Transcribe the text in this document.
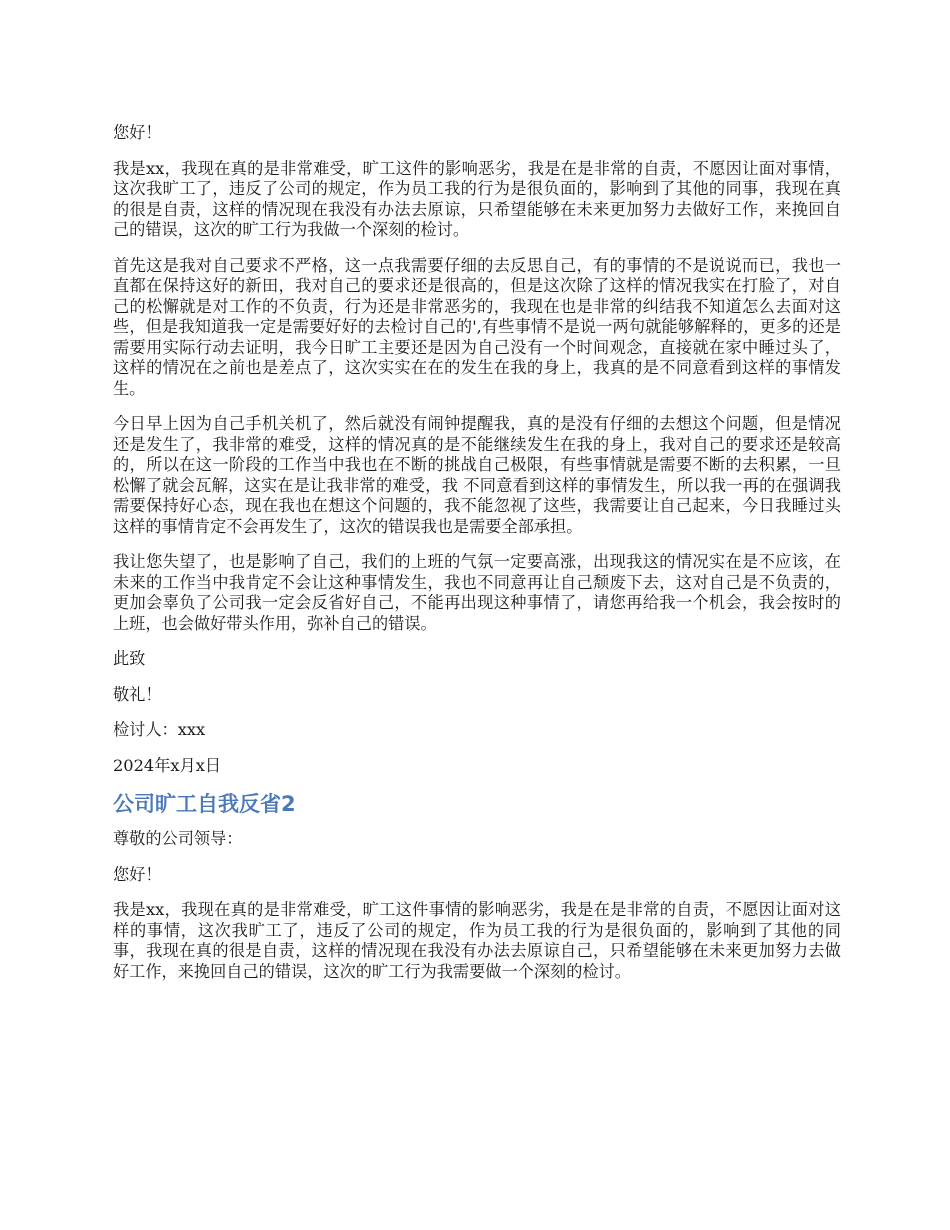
您好！

我是xx，我现在真的是非常难受，旷工这件的影响恶劣，我是在是非常的自责，不愿因让面对事情，这次我旷工了，违反了公司的规定，作为员工我的行为是很负面的，影响到了其他的同事，我现在真的很是自责，这样的情况现在我没有办法去原谅，只希望能够在未来更加努力去做好工作，来挽回自己的错误，这次的旷工行为我做一个深刻的检讨。

首先这是我对自己要求不严格，这一点我需要仔细的去反思自己，有的事情的不是说说而已，我也一直都在保持这好的新田，我对自己的要求还是很高的，但是这次除了这样的情况我实在打脸了，对自己的松懈就是对工作的不负责，行为还是非常恶劣的，我现在也是非常的纠结我不知道怎么去面对这些，但是我知道我一定是需要好好的去检讨自己的',有些事情不是说一两句就能够解释的，更多的还是需要用实际行动去证明，我今日旷工主要还是因为自己没有一个时间观念，直接就在家中睡过头了，这样的情况在之前也是差点了，这次实实在在的发生在我的身上，我真的是不同意看到这样的事情发生。

今日早上因为自己手机关机了，然后就没有闹钟提醒我，真的是没有仔细的去想这个问题，但是情况还是发生了，我非常的难受，这样的情况真的是不能继续发生在我的身上，我对自己的要求还是较高的，所以在这一阶段的工作当中我也在不断的挑战自己极限，有些事情就是需要不断的去积累，一旦松懈了就会瓦解，这实在是让我非常的难受，我 不同意看到这样的事情发生，所以我一再的在强调我需要保持好心态，现在我也在想这个问题的，我不能忽视了这些，我需要让自己起来，今日我睡过头这样的事情肯定不会再发生了，这次的错误我也是需要全部承担。

我让您失望了，也是影响了自己，我们的上班的气氛一定要高涨，出现我这的情况实在是不应该，在未来的工作当中我肯定不会让这种事情发生，我也不同意再让自己颓废下去，这对自己是不负责的，更加会辜负了公司我一定会反省好自己，不能再出现这种事情了，请您再给我一个机会，我会按时的上班，也会做好带头作用，弥补自己的错误。

此致

敬礼！

检讨人：xxx

2024年x月x日

公司旷工自我反省2

尊敬的公司领导：

您好！

我是xx，我现在真的是非常难受，旷工这件事情的影响恶劣，我是在是非常的自责，不愿因让面对这样的事情，这次我旷工了，违反了公司的规定，作为员工我的行为是很负面的，影响到了其他的同事，我现在真的很是自责，这样的情况现在我没有办法去原谅自己，只希望能够在未来更加努力去做好工作，来挽回自己的错误，这次的旷工行为我需要做一个深刻的检讨。
